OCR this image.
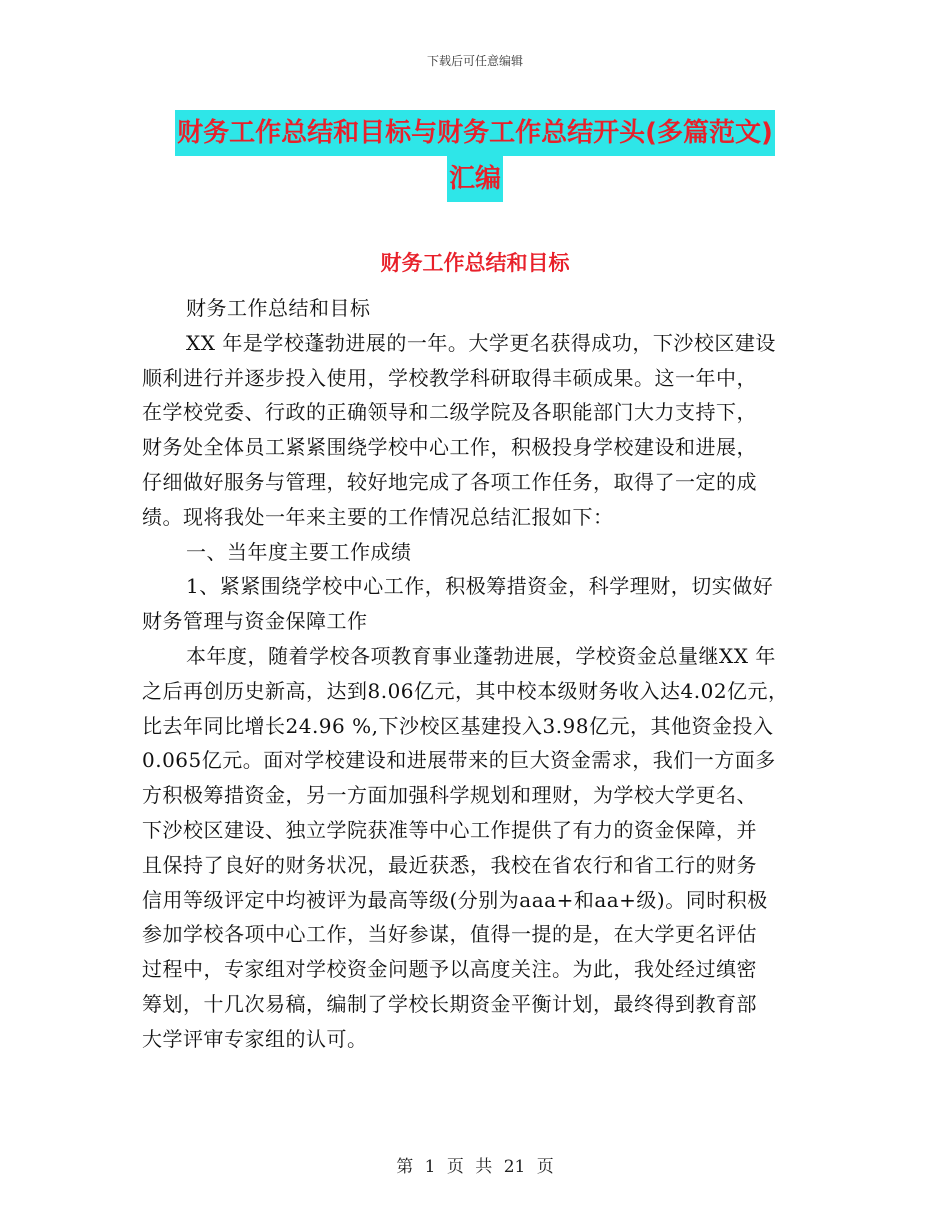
下载后可任意编辑
财务工作总结和目标与财务工作总结开头(多篇范文)
汇编
财务工作总结和目标
财务工作总结和目标
XX 年是学校蓬勃进展的一年。大学更名获得成功，下沙校区建设
顺利进行并逐步投入使用，学校教学科研取得丰硕成果。这一年中，
在学校党委、行政的正确领导和二级学院及各职能部门大力支持下，
财务处全体员工紧紧围绕学校中心工作，积极投身学校建设和进展，
仔细做好服务与管理，较好地完成了各项工作任务，取得了一定的成
绩。现将我处一年来主要的工作情况总结汇报如下：
一、当年度主要工作成绩
1、紧紧围绕学校中心工作，积极筹措资金，科学理财，切实做好
财务管理与资金保障工作
本年度，随着学校各项教育事业蓬勃进展，学校资金总量继XX 年
之后再创历史新高，达到8.06亿元，其中校本级财务收入达4.02亿元，
比去年同比增长24.96 %,下沙校区基建投入3.98亿元，其他资金投入
0.065亿元。面对学校建设和进展带来的巨大资金需求，我们一方面多
方积极筹措资金，另一方面加强科学规划和理财，为学校大学更名、
下沙校区建设、独立学院获准等中心工作提供了有力的资金保障，并
且保持了良好的财务状况，最近获悉，我校在省农行和省工行的财务
信用等级评定中均被评为最高等级(分别为aaa+和aa+级)。同时积极
参加学校各项中心工作，当好参谋，值得一提的是，在大学更名评估
过程中，专家组对学校资金问题予以高度关注。为此，我处经过缜密
筹划，十几次易稿，编制了学校长期资金平衡计划，最终得到教育部
大学评审专家组的认可。
第 1 页 共 21 页
